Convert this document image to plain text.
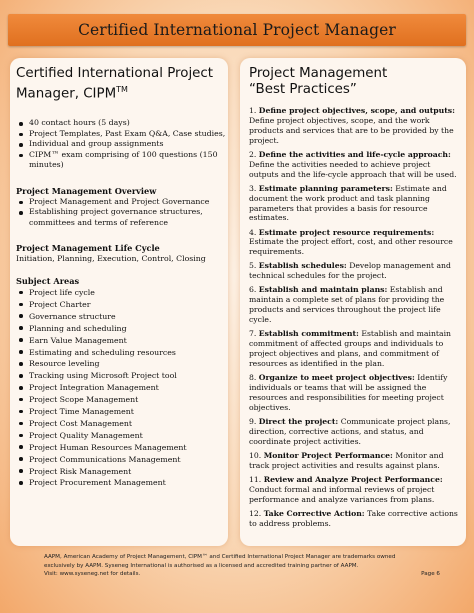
Certified International Project Manager
Certified International Project
Manager, CIPM™
40 contact hours (5 days)
Project Templates, Past Exam Q&A, Case studies,
Individual and group assignments
CIPM™ exam comprising of 100 questions (150 minutes)
Project Management Overview
Project Management and Project Governance
Establishing project governance structures, committees and terms of reference
Project Management Life Cycle
Initiation, Planning, Execution, Control, Closing
Subject Areas
Project life cycle
Project Charter
Governance structure
Planning and scheduling
Earn Value Management
Estimating and scheduling resources
Resource leveling
Tracking using Microsoft Project tool
Project Integration Management
Project Scope Management
Project Time Management
Project Cost Management
Project Quality Management
Project Human Resources Management
Project Communications Management
Project Risk Management
Project Procurement Management
Project Management
“Best Practices”

1. Define project objectives, scope, and outputs: Define project objectives, scope, and the work products and services that are to be provided by the project.

2. Define the activities and life-cycle approach: Define the activities needed to achieve project outputs and the life-cycle approach that will be used.

3. Estimate planning parameters: Estimate and document the work product and task planning parameters that provides a basis for resource estimates.

4. Estimate project resource requirements: Estimate the project effort, cost, and other resource requirements.

5. Establish schedules: Develop management and technical schedules for the project.

6. Establish and maintain plans: Establish and maintain a complete set of plans for providing the products and services throughout the project life cycle.

7. Establish commitment: Establish and maintain commitment of affected groups and individuals to project objectives and plans, and commitment of resources as identified in the plan.

8. Organize to meet project objectives: Identify individuals or teams that will be assigned the resources and responsibilities for meeting project objectives.

9. Direct the project: Communicate project plans, direction, corrective actions, and status, and coordinate project activities.

10. Monitor Project Performance: Monitor and track project activities and results against plans.

11. Review and Analyze Project Performance: Conduct formal and informal reviews of project performance and analyze variances from plans.

12. Take Corrective Action: Take corrective actions to address problems.

AAPM, American Academy of Project Management, CIPM™ and Certified International Project Manager are trademarks owned
exclusively by AAPM. Syseneg International is authorised as a licensed and accredited training partner of AAPM.
Visit: www.syseneg.net for details.	Page 6
